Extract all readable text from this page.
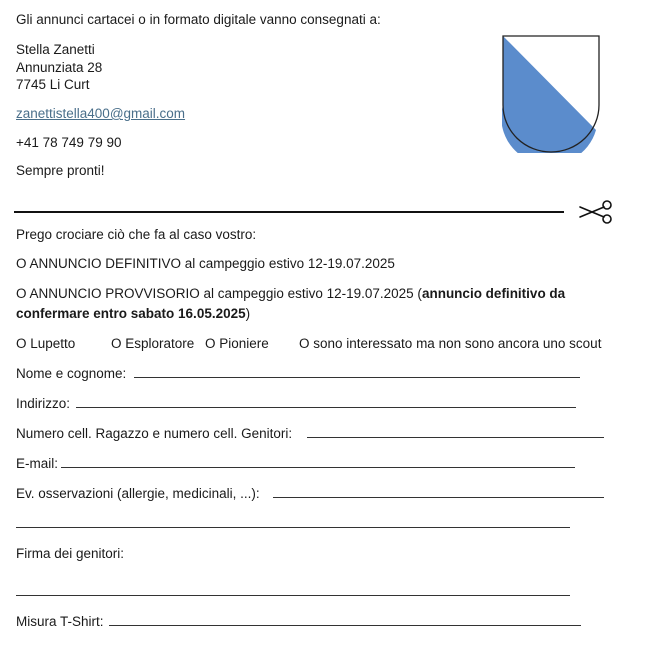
Gli annunci cartacei o in formato digitale vanno consegnati a:
Stella Zanetti
Annunziata 28
7745 Li Curt
zanettistella400@gmail.com
+41 78 749 79 90
Sempre pronti!
Prego crociare ciò che fa al caso vostro:
O ANNUNCIO DEFINITIVO al campeggio estivo 12-19.07.2025
O ANNUNCIO PROVVISORIO al campeggio estivo 12-19.07.2025 (annuncio definitivo da
confermare entro sabato 16.05.2025)
O Lupetto	O Esploratore O Pioniere O sono interessato ma non sono ancora uno scout
Nome e cognome:
Indirizzo:
Numero cell. Ragazzo e numero cell. Genitori:
E-mail:
Ev. osservazioni (allergie, medicinali, ...):
Firma dei genitori:
Misura T-Shirt:
